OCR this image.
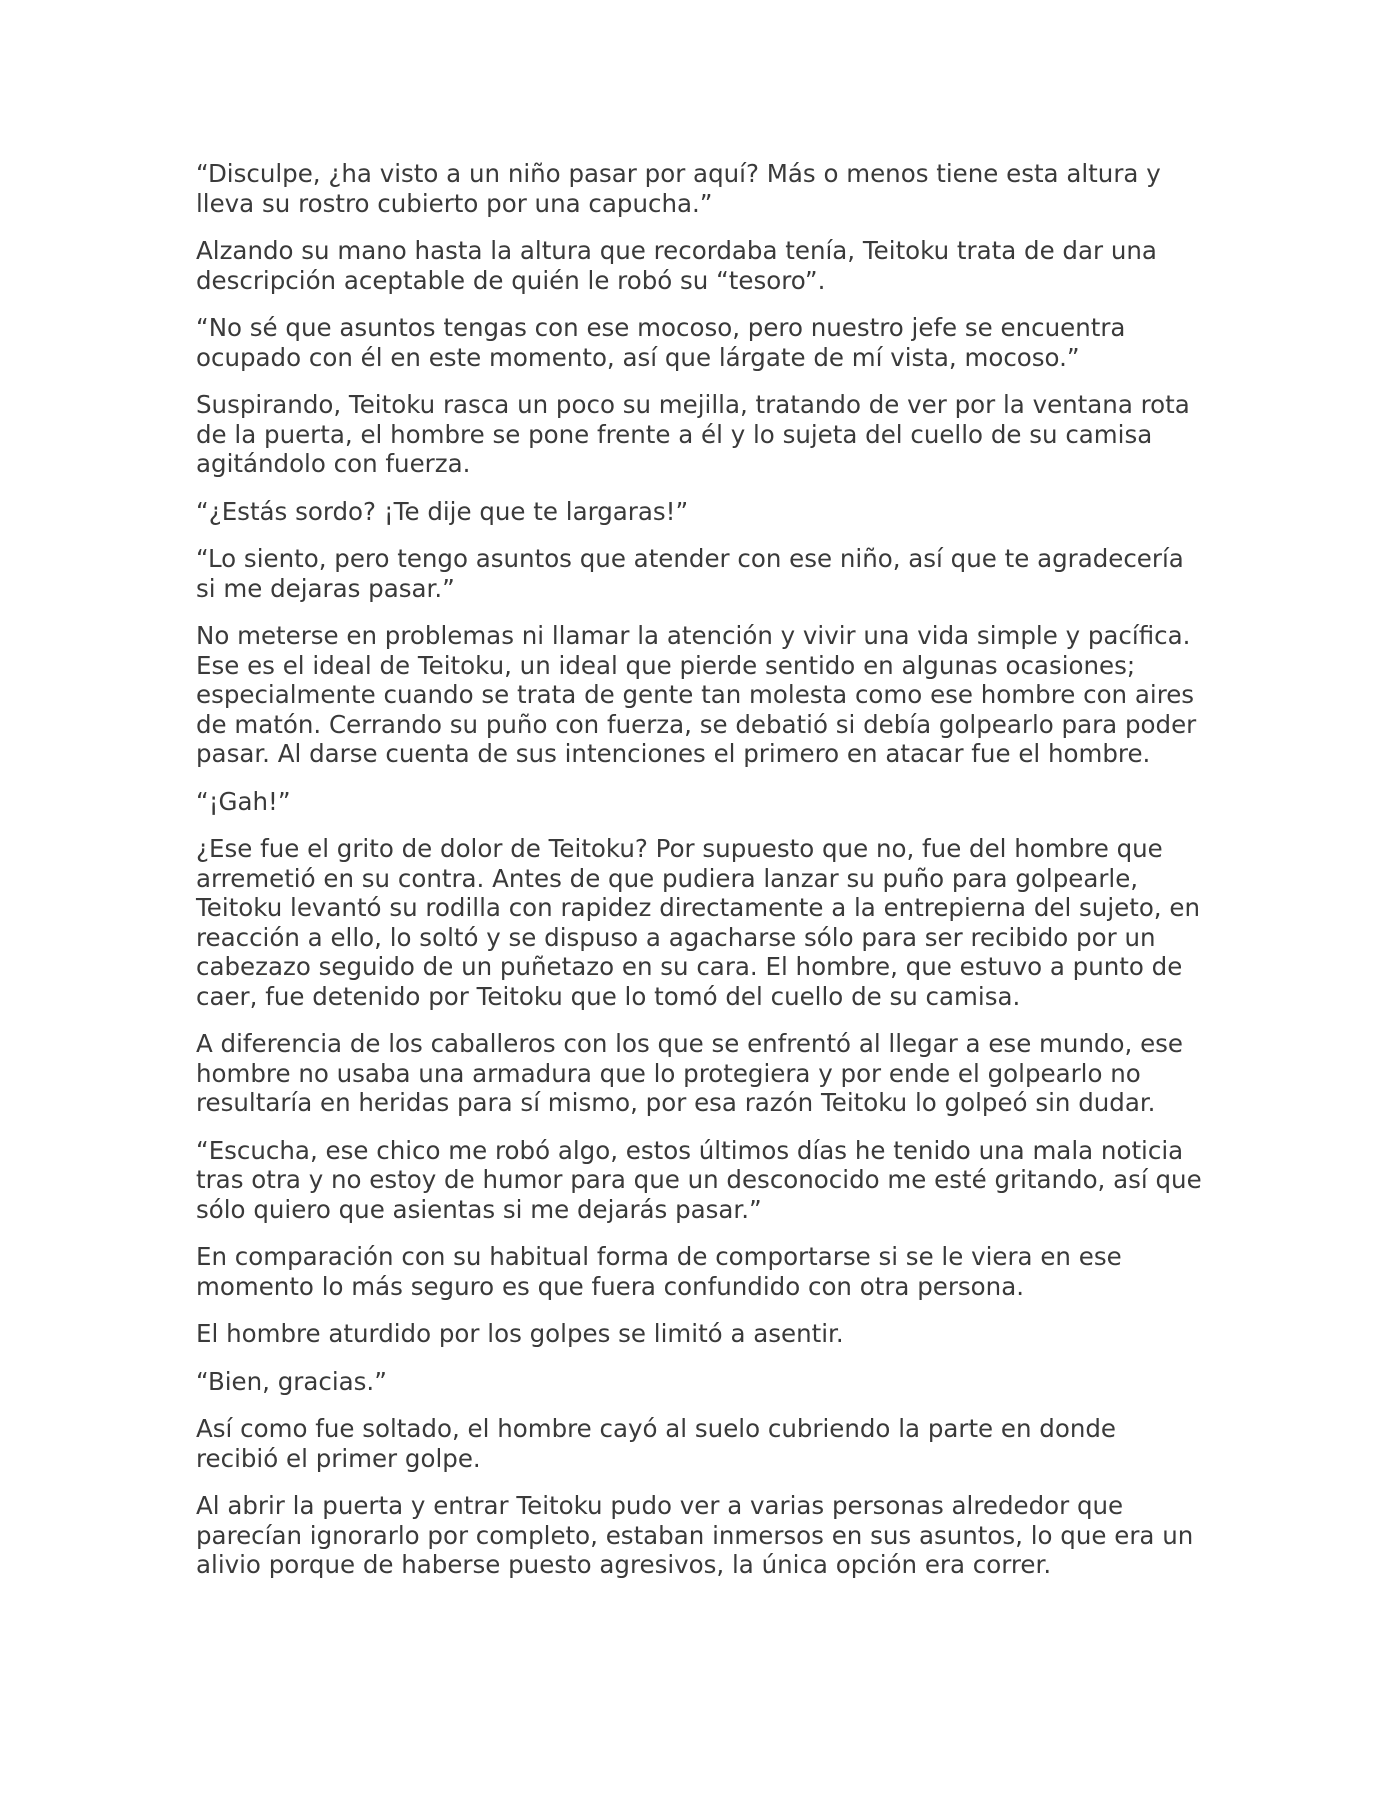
“Disculpe, ¿ha visto a un niño pasar por aquí? Más o menos tiene esta altura y lleva su rostro cubierto por una capucha.”

Alzando su mano hasta la altura que recordaba tenía, Teitoku trata de dar una descripción aceptable de quién le robó su “tesoro”.

“No sé que asuntos tengas con ese mocoso, pero nuestro jefe se encuentra ocupado con él en este momento, así que lárgate de mí vista, mocoso.”

Suspirando, Teitoku rasca un poco su mejilla, tratando de ver por la ventana rota de la puerta, el hombre se pone frente a él y lo sujeta del cuello de su camisa agitándolo con fuerza.

“¿Estás sordo? ¡Te dije que te largaras!”

“Lo siento, pero tengo asuntos que atender con ese niño, así que te agradecería si me dejaras pasar.”

No meterse en problemas ni llamar la atención y vivir una vida simple y pacífica. Ese es el ideal de Teitoku, un ideal que pierde sentido en algunas ocasiones; especialmente cuando se trata de gente tan molesta como ese hombre con aires de matón. Cerrando su puño con fuerza, se debatió si debía golpearlo para poder pasar. Al darse cuenta de sus intenciones el primero en atacar fue el hombre.

“¡Gah!”

¿Ese fue el grito de dolor de Teitoku? Por supuesto que no, fue del hombre que arremetió en su contra. Antes de que pudiera lanzar su puño para golpearle, Teitoku levantó su rodilla con rapidez directamente a la entrepierna del sujeto, en reacción a ello, lo soltó y se dispuso a agacharse sólo para ser recibido por un cabezazo seguido de un puñetazo en su cara. El hombre, que estuvo a punto de caer, fue detenido por Teitoku que lo tomó del cuello de su camisa.

A diferencia de los caballeros con los que se enfrentó al llegar a ese mundo, ese hombre no usaba una armadura que lo protegiera y por ende el golpearlo no resultaría en heridas para sí mismo, por esa razón Teitoku lo golpeó sin dudar.

“Escucha, ese chico me robó algo, estos últimos días he tenido una mala noticia tras otra y no estoy de humor para que un desconocido me esté gritando, así que sólo quiero que asientas si me dejarás pasar.”

En comparación con su habitual forma de comportarse si se le viera en ese momento lo más seguro es que fuera confundido con otra persona.

El hombre aturdido por los golpes se limitó a asentir.

“Bien, gracias.”

Así como fue soltado, el hombre cayó al suelo cubriendo la parte en donde recibió el primer golpe.

Al abrir la puerta y entrar Teitoku pudo ver a varias personas alrededor que parecían ignorarlo por completo, estaban inmersos en sus asuntos, lo que era un alivio porque de haberse puesto agresivos, la única opción era correr.
